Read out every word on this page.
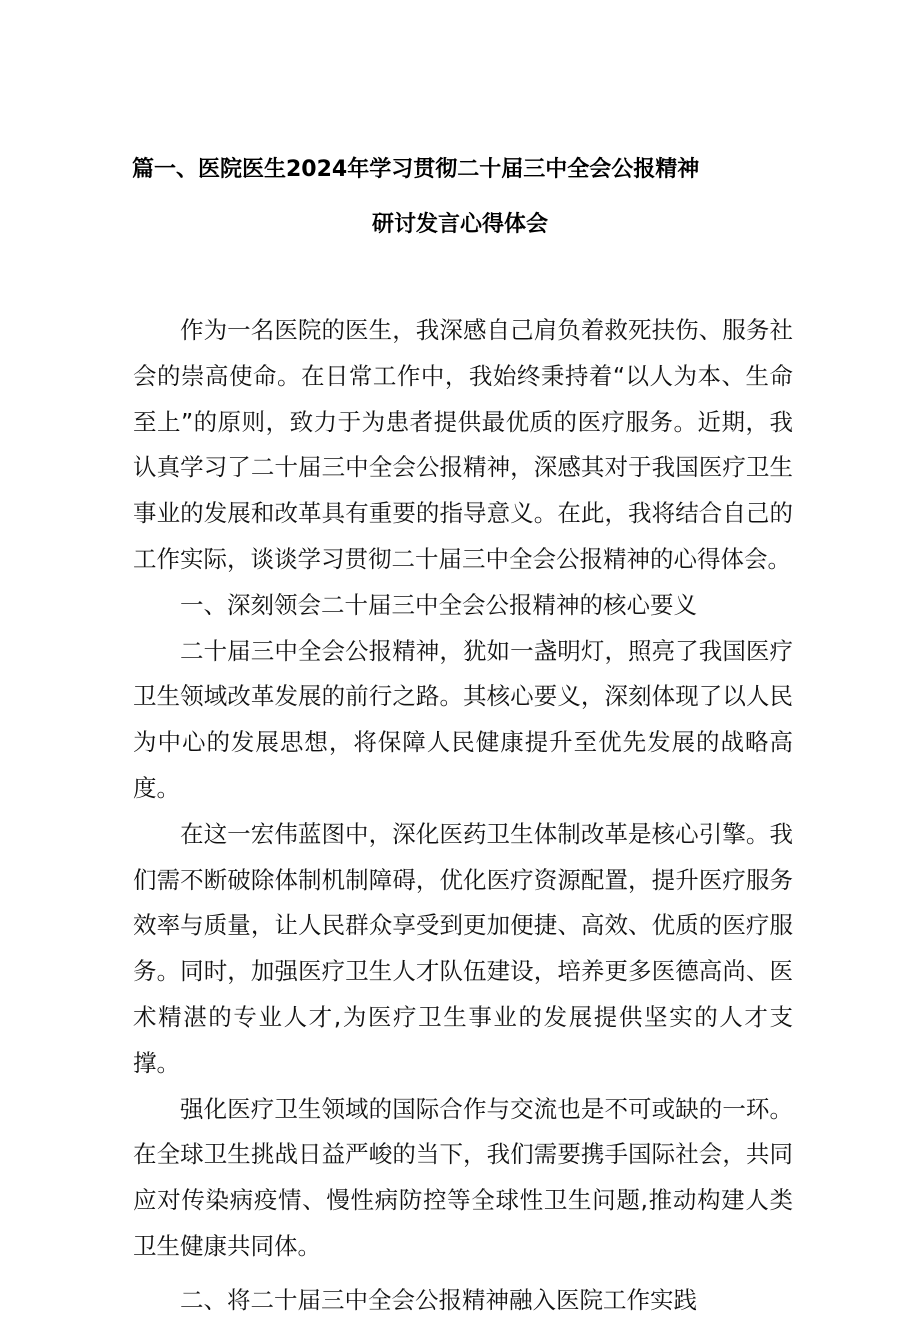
篇一、医院医生2024年学习贯彻二十届三中全会公报精神
研讨发言心得体会

作为一名医院的医生，我深感自己肩负着救死扶伤、服务社会的崇高使命。在日常工作中，我始终秉持着“以人为本、生命至上”的原则，致力于为患者提供最优质的医疗服务。近期，我认真学习了二十届三中全会公报精神，深感其对于我国医疗卫生事业的发展和改革具有重要的指导意义。在此，我将结合自己的工作实际，谈谈学习贯彻二十届三中全会公报精神的心得体会。

一、深刻领会二十届三中全会公报精神的核心要义

二十届三中全会公报精神，犹如一盏明灯，照亮了我国医疗卫生领域改革发展的前行之路。其核心要义，深刻体现了以人民为中心的发展思想，将保障人民健康提升至优先发展的战略高度。

在这一宏伟蓝图中，深化医药卫生体制改革是核心引擎。我们需不断破除体制机制障碍，优化医疗资源配置，提升医疗服务效率与质量，让人民群众享受到更加便捷、高效、优质的医疗服务。同时，加强医疗卫生人才队伍建设，培养更多医德高尚、医术精湛的专业人才,为医疗卫生事业的发展提供坚实的人才支撑。

强化医疗卫生领域的国际合作与交流也是不可或缺的一环。在全球卫生挑战日益严峻的当下，我们需要携手国际社会，共同应对传染病疫情、慢性病防控等全球性卫生问题,推动构建人类卫生健康共同体。

二、将二十届三中全会公报精神融入医院工作实践
